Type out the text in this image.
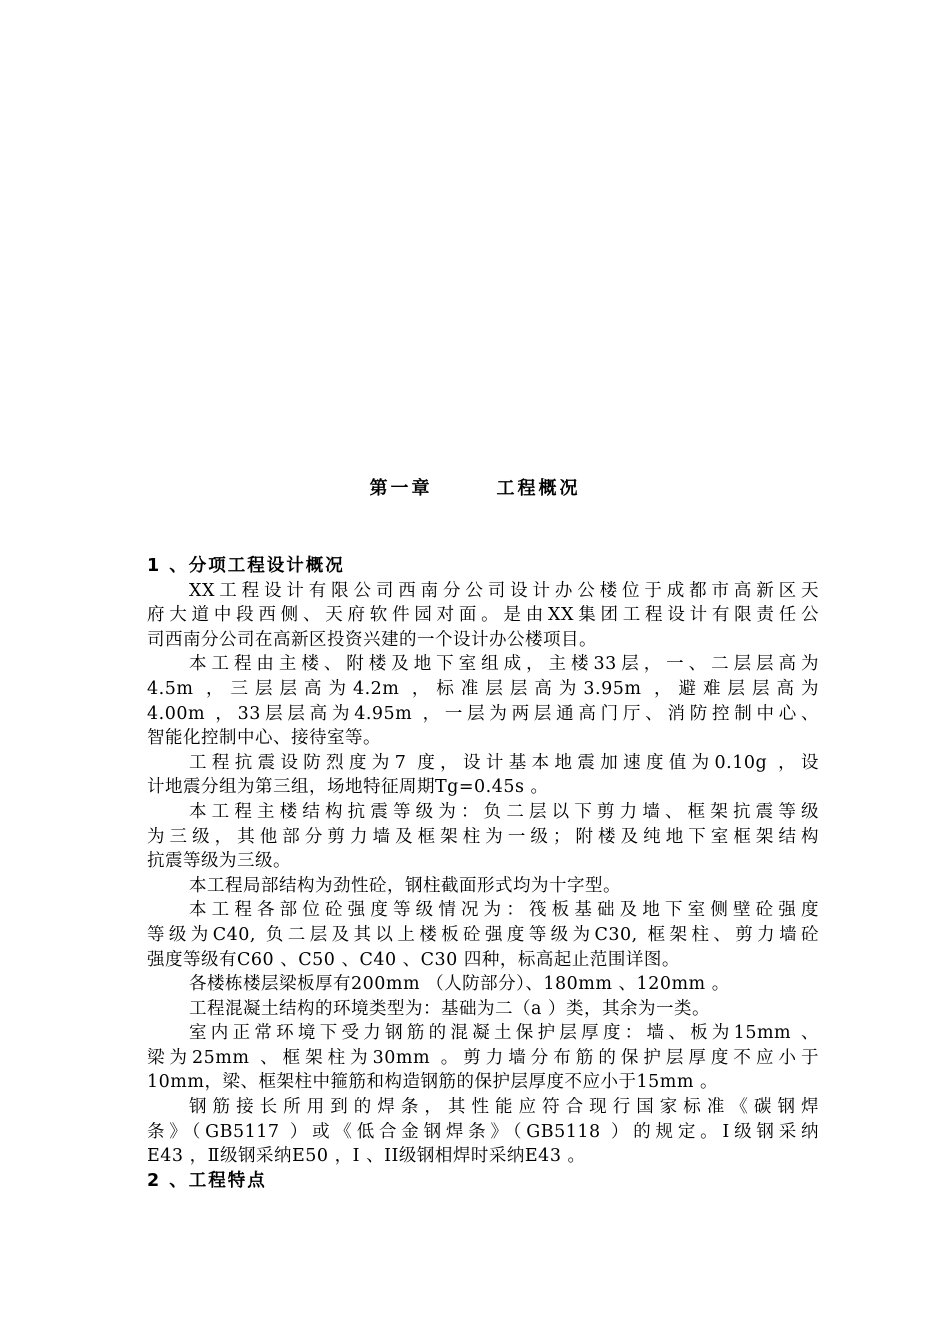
第一章	工程概况
1 、分项工程设计概况
XX工程设计有限公司西南分公司设计办公楼位于成都市高新区天
府大道中段西侧、天府软件园对面。是由XX集团工程设计有限责任公
司西南分公司在高新区投资兴建的一个设计办公楼项目。
本工程由主楼、附楼及地下室组成，主楼33层，一、二层层高为
4.5m ，三层层高为4.2m ，标准层层高为3.95m ，避难层层高为
4.00m ，33层层高为4.95m ，一层为两层通高门厅、消防控制中心、
智能化控制中心、接待室等。
工程抗震设防烈度为7 度，设计基本地震加速度值为0.10g ，设
计地震分组为第三组，场地特征周期Tg=0.45s 。
本工程主楼结构抗震等级为：负二层以下剪力墙、框架抗震等级
为三级，其他部分剪力墙及框架柱为一级；附楼及纯地下室框架结构
抗震等级为三级。
本工程局部结构为劲性砼，钢柱截面形式均为十字型。
本工程各部位砼强度等级情况为：筏板基础及地下室侧壁砼强度
等级为C40, 负二层及其以上楼板砼强度等级为C30, 框架柱、剪力墙砼
强度等级有C60 、C50 、C40 、C30 四种，标高起止范围详图。
各楼栋楼层梁板厚有200mm （人防部分）、180mm 、120mm 。
工程混凝土结构的环境类型为：基础为二（a ）类，其余为一类。
室内正常环境下受力钢筋的混凝土保护层厚度：墙、板为15mm 、
梁为25mm 、框架柱为30mm 。剪力墙分布筋的保护层厚度不应小于
10mm，梁、框架柱中箍筋和构造钢筋的保护层厚度不应小于15mm 。
钢筋接长所用到的焊条，其性能应符合现行国家标准《碳钢焊
条》（GB5117 ）或《低合金钢焊条》（GB5118 ）的规定。Ⅰ级钢采纳
E43 ，Ⅱ级钢采纳E50 ，Ⅰ 、II级钢相焊时采纳E43 。
2 、工程特点
